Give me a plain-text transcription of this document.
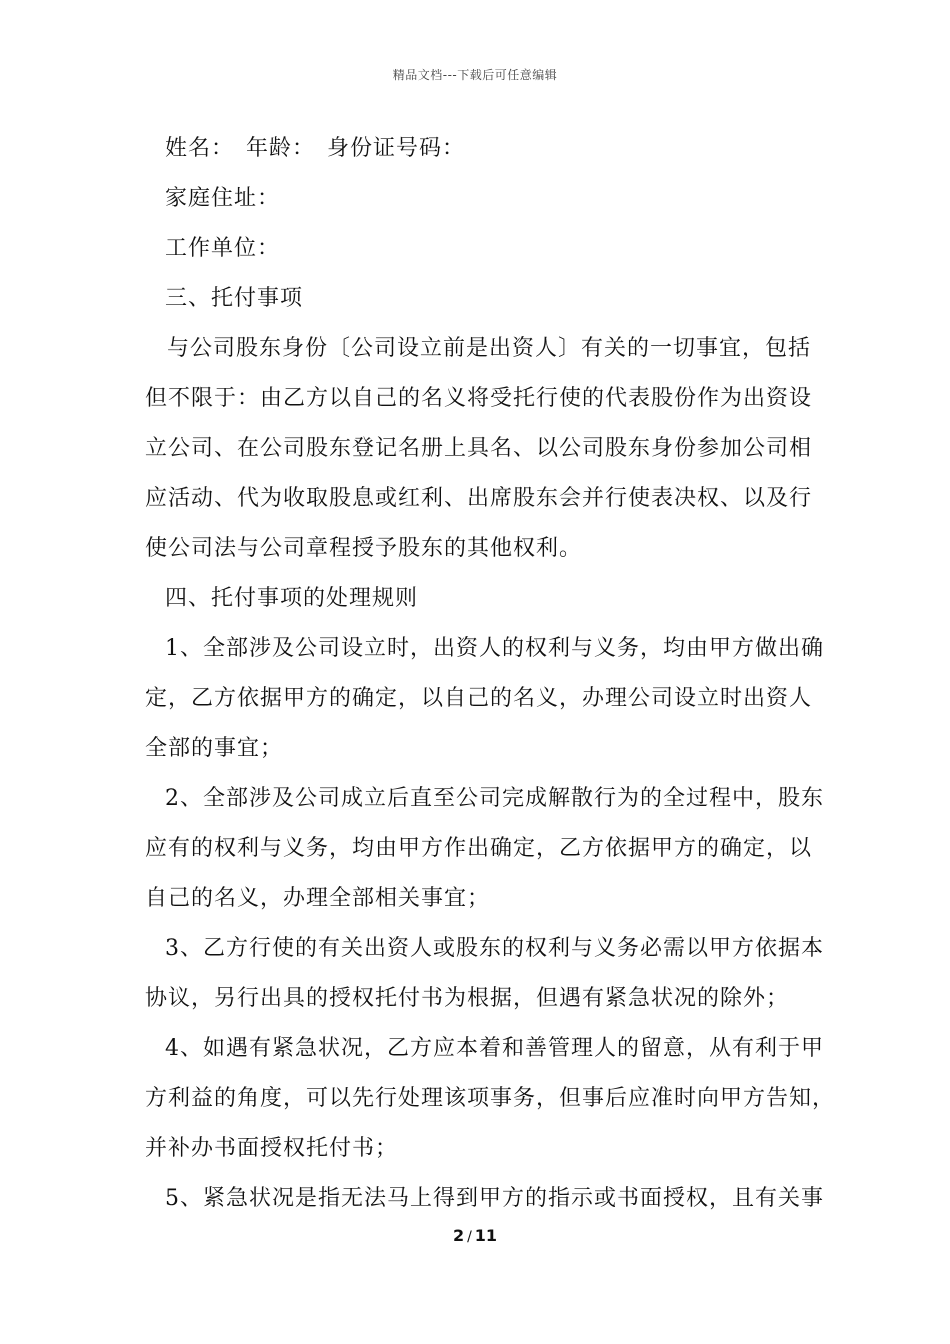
精品文档---下载后可任意编辑
姓名：　年龄：　身份证号码：
家庭住址：
工作单位：
三、托付事项
与公司股东身份〔公司设立前是出资人〕有关的一切事宜，包括
但不限于：由乙方以自己的名义将受托行使的代表股份作为出资设
立公司、在公司股东登记名册上具名、以公司股东身份参加公司相
应活动、代为收取股息或红利、出席股东会并行使表决权、以及行
使公司法与公司章程授予股东的其他权利。
四、托付事项的处理规则
1、全部涉及公司设立时，出资人的权利与义务，均由甲方做出确
定，乙方依据甲方的确定，以自己的名义，办理公司设立时出资人
全部的事宜；
2、全部涉及公司成立后直至公司完成解散行为的全过程中，股东
应有的权利与义务，均由甲方作出确定，乙方依据甲方的确定，以
自己的名义，办理全部相关事宜；
3、乙方行使的有关出资人或股东的权利与义务必需以甲方依据本
协议，另行出具的授权托付书为根据，但遇有紧急状况的除外；
4、如遇有紧急状况，乙方应本着和善管理人的留意，从有利于甲
方利益的角度，可以先行处理该项事务，但事后应准时向甲方告知，
并补办书面授权托付书；
5、紧急状况是指无法马上得到甲方的指示或书面授权，且有关事
2 / 11
